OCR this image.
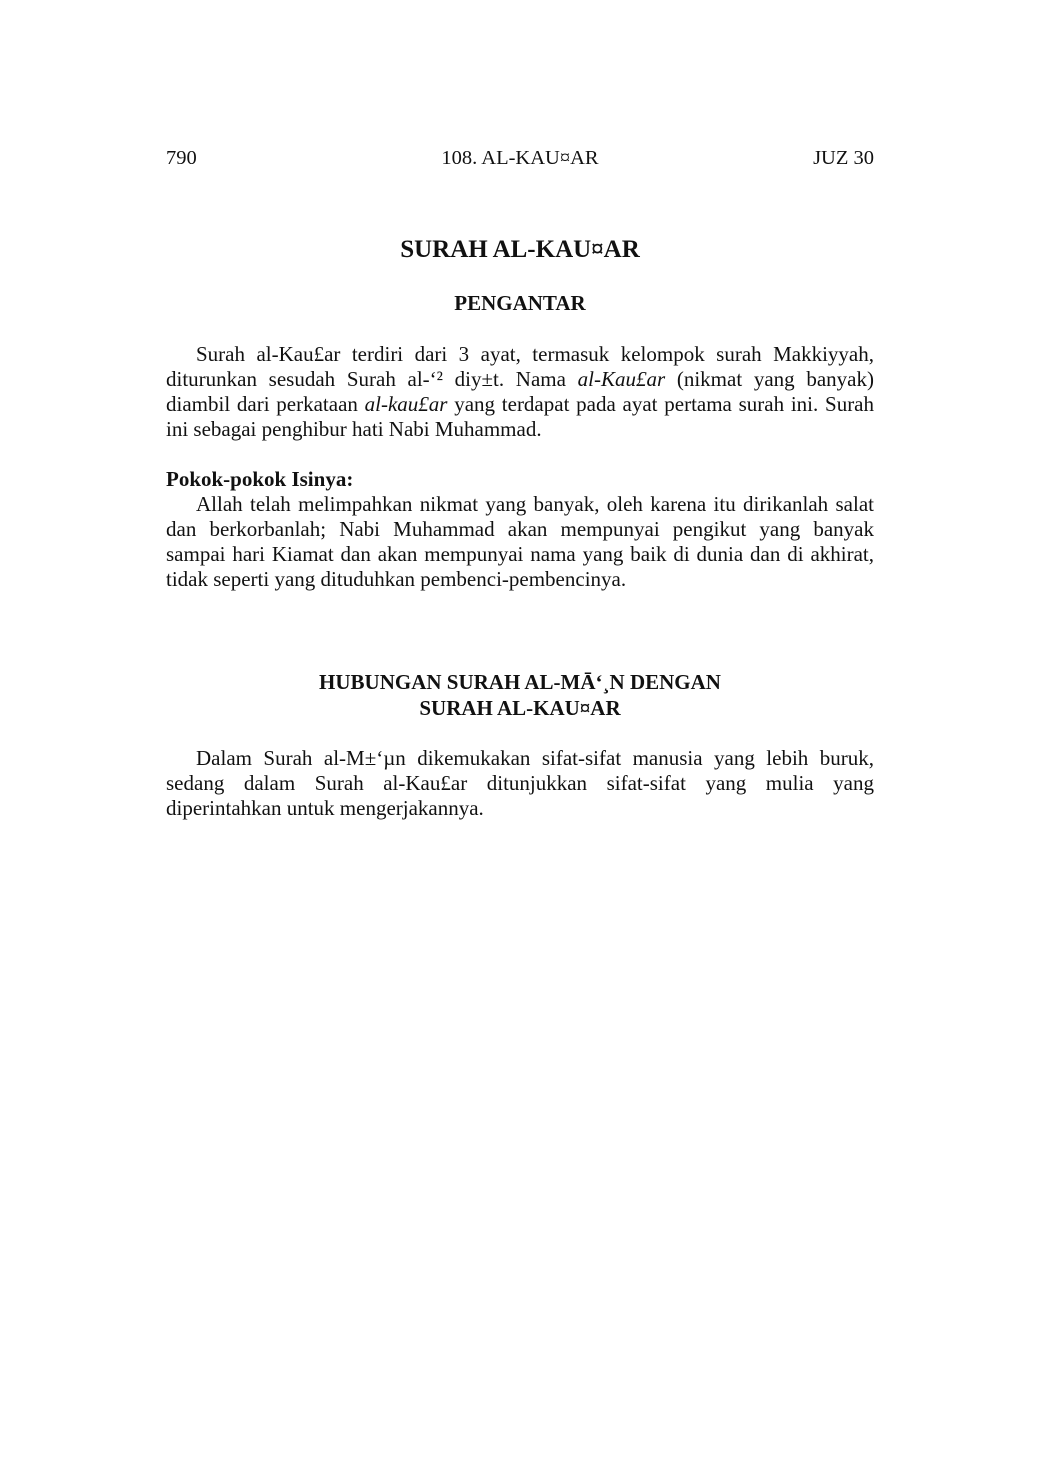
790	108. AL-KAU¤AR	JUZ 30
SURAH AL-KAU¤AR
PENGANTAR

Surah al-Kau£ar terdiri dari 3 ayat, termasuk kelompok surah Makkiyyah, diturunkan sesudah Surah al-‘² diy±t. Nama al-Kau£ar (nikmat yang banyak) diambil dari perkataan al-kau£ar yang terdapat pada ayat pertama surah ini. Surah ini sebagai penghibur hati Nabi Muhammad.

Pokok-pokok Isinya:

Allah telah melimpahkan nikmat yang banyak, oleh karena itu dirikanlah salat dan berkorbanlah; Nabi Muhammad akan mempunyai pengikut yang banyak sampai hari Kiamat dan akan mempunyai nama yang baik di dunia dan di akhirat, tidak seperti yang dituduhkan pembenci-pembencinya.

HUBUNGAN SURAH AL-MĀ‘¸N DENGAN
SURAH AL-KAU¤AR

Dalam Surah al-M±‘µn dikemukakan sifat-sifat manusia yang lebih buruk, sedang dalam Surah al-Kau£ar ditunjukkan sifat-sifat yang mulia yang diperintahkan untuk mengerjakannya.
